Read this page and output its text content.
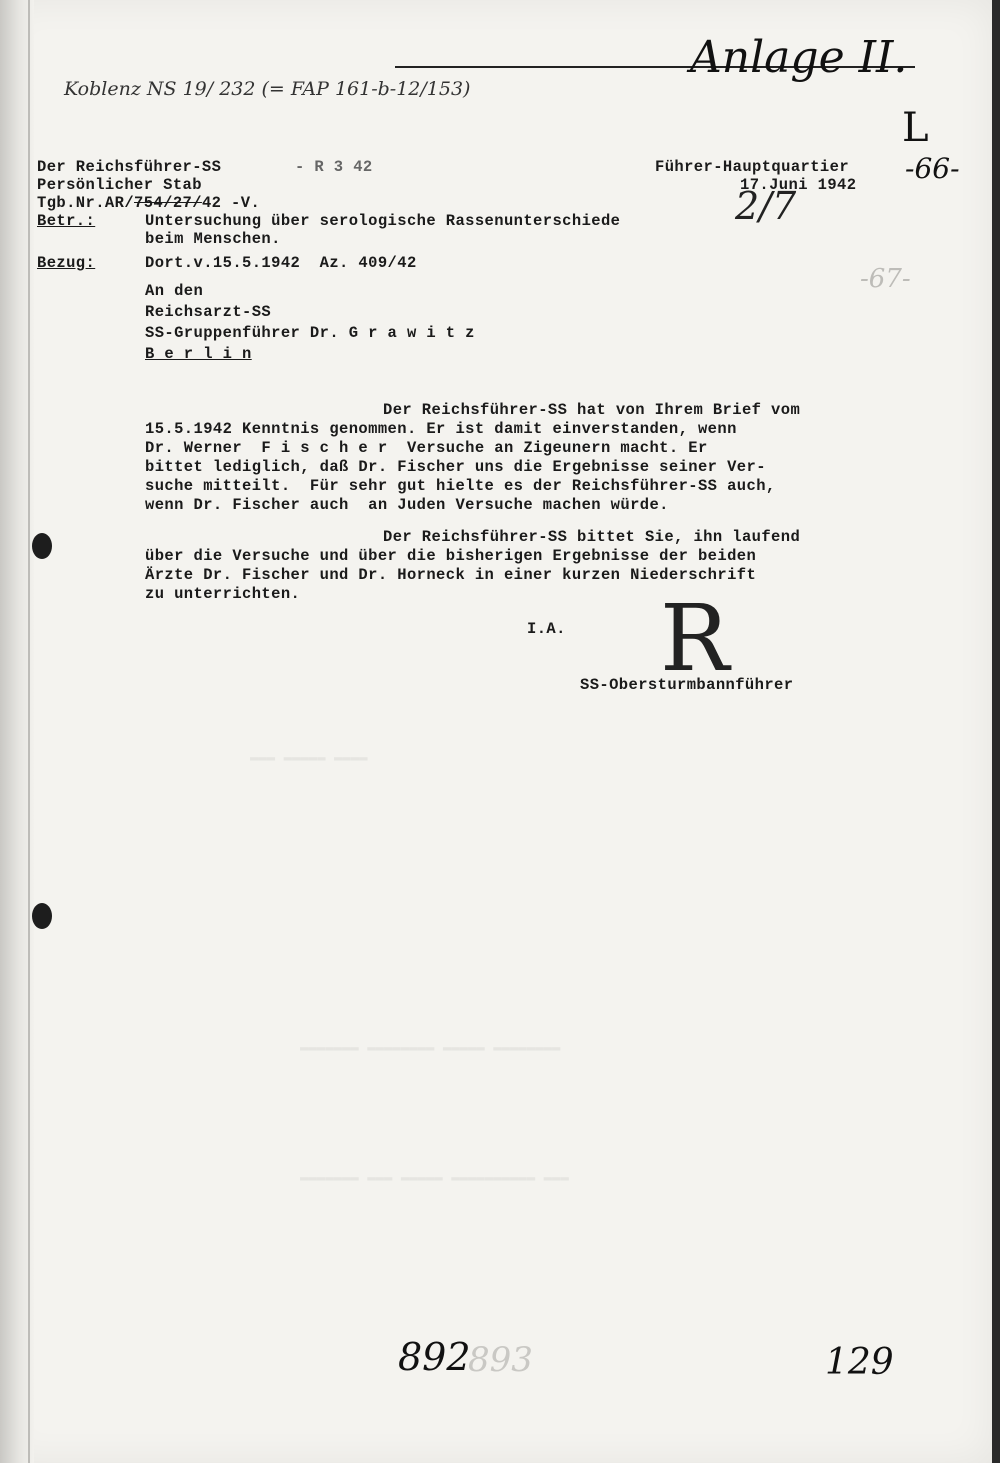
▬▬▬ ▬▬▬▬▬ ▬▬▬▬
▬▬▬▬▬▬▬ ▬▬▬▬▬▬▬▬ ▬▬▬▬▬ ▬▬▬▬▬▬▬▬
▬▬▬▬▬▬▬ ▬▬▬ ▬▬▬▬▬ ▬▬▬▬▬▬▬▬▬▬ ▬▬▬
Koblenz NS 19/ 232 (= FAP 161-b-12/153)
Anlage II.
L
-66-
-67-
2/7
Der Reichsführer-SS	- R 3 42
Persönlicher Stab
Tgb.Nr.AR/754/27/42 -V.
Führer-Hauptquartier
17.Juni 1942
Betr.:	Untersuchung über serologische Rassenunterschiede
beim Menschen.
Bezug:	Dort.v.15.5.1942  Az. 409/42
An den
Reichsarzt-SS
SS-Gruppenführer Dr. G r a w i t z
B e r l i n
Der Reichsführer-SS hat von Ihrem Brief vom
15.5.1942 Kenntnis genommen. Er ist damit einverstanden, wenn
Dr. Werner  F i s c h e r  Versuche an Zigeunern macht. Er
bittet lediglich, daß Dr. Fischer uns die Ergebnisse seiner Ver-
suche mitteilt.  Für sehr gut hielte es der Reichsführer-SS auch,
wenn Dr. Fischer auch  an Juden Versuche machen würde.
Der Reichsführer-SS bittet Sie, ihn laufend
über die Versuche und über die bisherigen Ergebnisse der beiden
Ärzte Dr. Fischer und Dr. Horneck in einer kurzen Niederschrift
zu unterrichten.
I.A. R
SS-Obersturmbannführer
892
893	129
